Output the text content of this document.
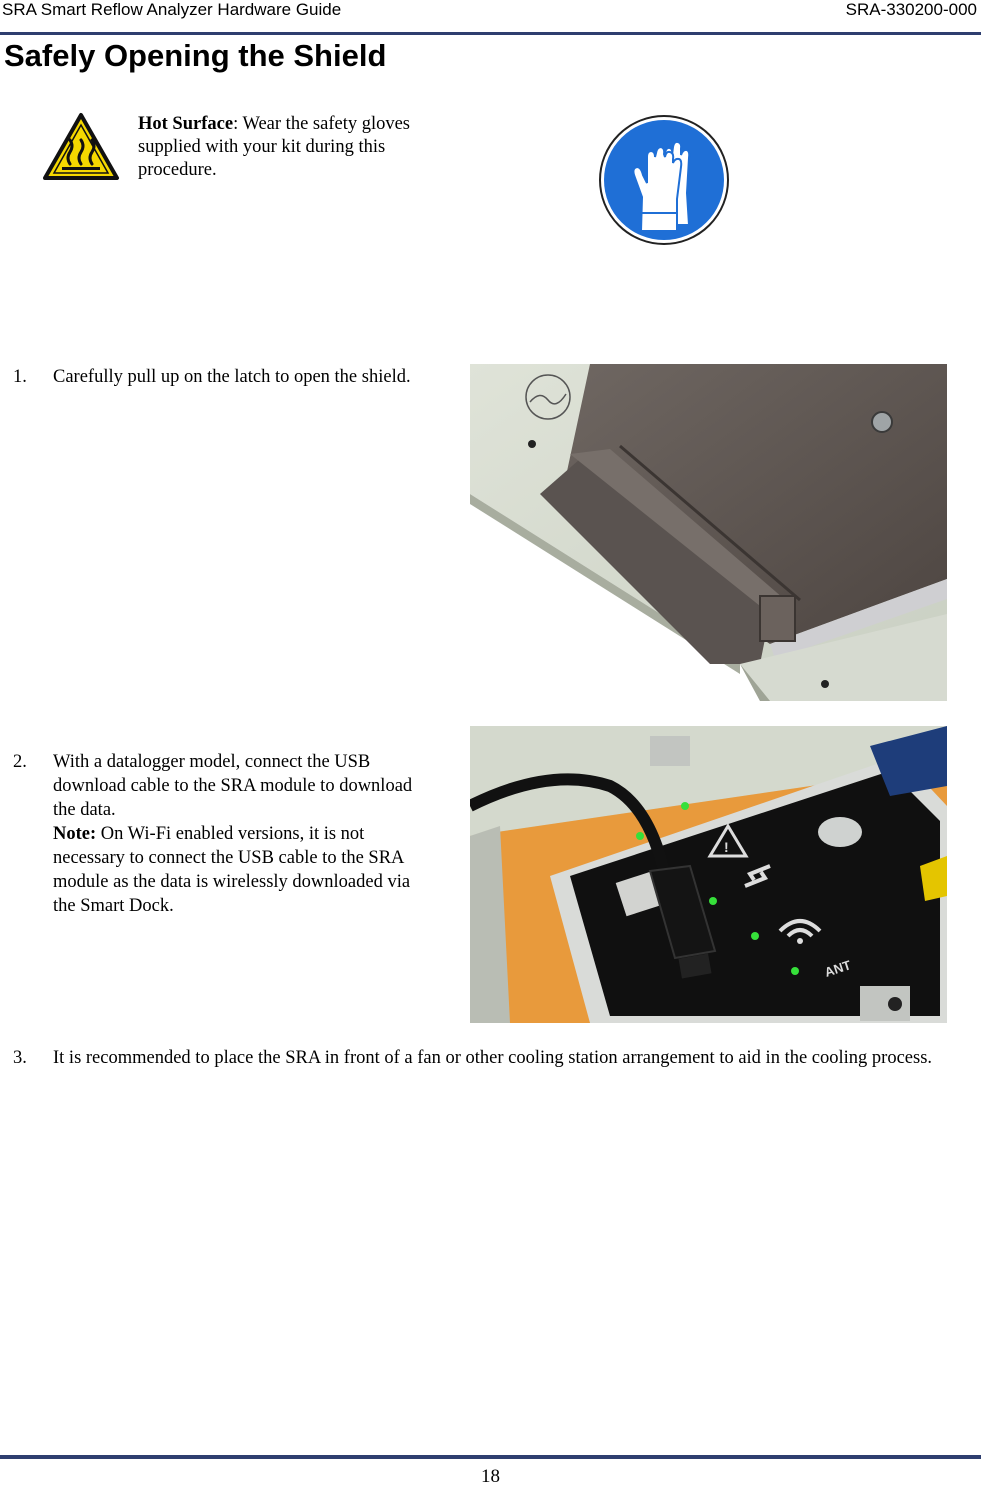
SRA Smart Reflow Analyzer Hardware Guide	SRA-330200-000
Safely Opening the Shield
Hot Surface: Wear the safety gloves supplied with your kit during this procedure.
1. Carefully pull up on the latch to open the shield.
2. With a datalogger model, connect the USB download cable to the SRA module to download the data.
Note: On Wi-Fi enabled versions, it is not necessary to connect the USB cable to the SRA module as the data is wirelessly downloaded via the Smart Dock.
!
ANT
3. It is recommended to place the SRA in front of a fan or other cooling station arrangement to aid in the cooling process.
18
